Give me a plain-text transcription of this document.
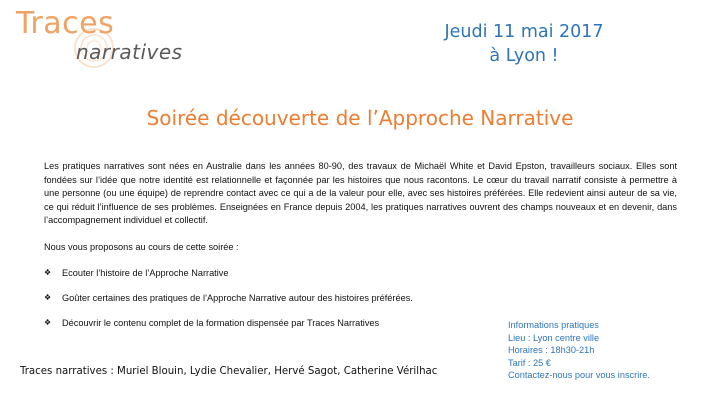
Traces
narratives
Jeudi 11 mai 2017
à Lyon !
Soirée découverte de l’Approche Narrative
Les pratiques narratives sont nées en Australie dans les années 80-90, des travaux de Michaël White et David Epston, travailleurs sociaux. Elles sont fondées sur l’idée que notre identité est relationnelle et façonnée par les histoires que nous racontons. Le cœur du travail narratif consiste à permettre à une personne (ou une équipe) de reprendre contact avec ce qui a de la valeur pour elle, avec ses histoires préférées. Elle redevient ainsi auteur de sa vie, ce qui réduit l’influence de ses problèmes. Enseignées en France depuis 2004, les pratiques narratives ouvrent des champs nouveaux et en devenir, dans l’accompagnement individuel et collectif.
Nous vous proposons au cours de cette soirée :
❖	Ecouter l’histoire de l’Approche Narrative
❖	Goûter certaines des pratiques de l’Approche Narrative autour des histoires préférées.
❖	Découvrir le contenu complet de la formation dispensée par Traces Narratives	Informations pratiques
Lieu : Lyon centre ville
Horaires : 18h30-21h
Tarif : 25 €
Contactez-nous pour vous inscrire.
Traces narratives : Muriel Blouin, Lydie Chevalier, Hervé Sagot, Catherine Vérilhac
